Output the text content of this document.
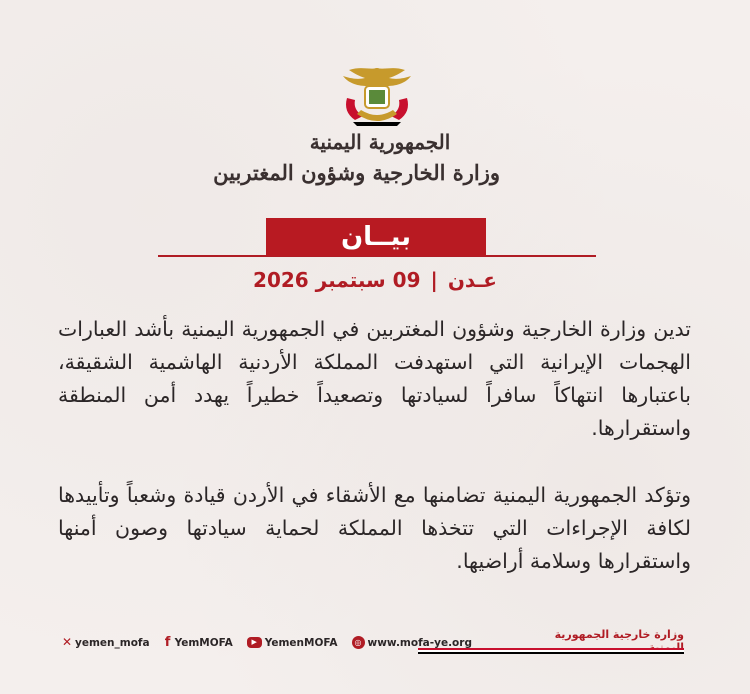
الجمهورية اليمنية
وزارة الخارجية وشؤون المغتربين
بيــان
عـدن|09 سبتمبر 2026
تدين وزارة الخارجية وشؤون المغتربين في الجمهورية اليمنية بأشد العبارات الهجمات الإيرانية التي استهدفت المملكة الأردنية الهاشمية الشقيقة، باعتبارها انتهاكاً سافراً لسيادتها وتصعيداً خطيراً يهدد أمن المنطقة واستقرارها.
وتؤكد الجمهورية اليمنية تضامنها مع الأشقاء في الأردن قيادة وشعباً وتأييدها لكافة الإجراءات التي تتخذها المملكة لحماية سيادتها وصون أمنها واستقرارها وسلامة أراضيها.
✕ yemen_mofa f YemMOFA	▶ YemenMOFA	◎ www.mofa-ye.org
وزارة خارجية الجمهورية
